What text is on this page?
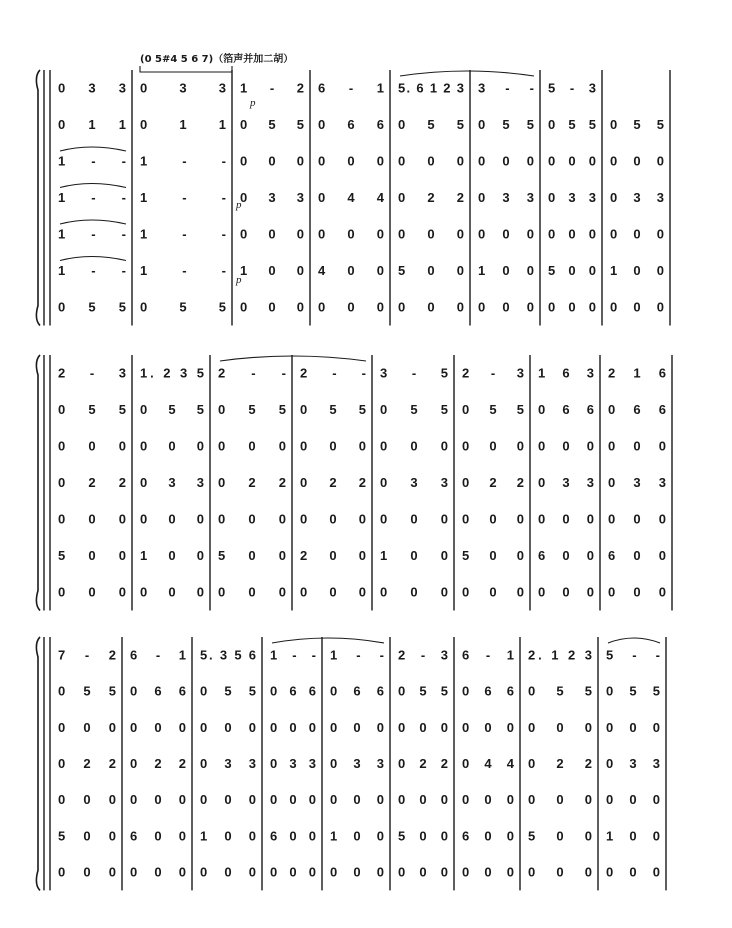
(0 5#4 5 6 7)（箔声并加二胡）
0 3 3 0 3 3 1 - 2 6 - 1 5. 6 1 2 3 3 - - 5 - 3
0 1 1 0 1 1 0 5 5 0 6 6 0 5 5 0 5 5 0 5 5 0 5 5
1 - - 1 - - 0 0 0 0 0 0 0 0 0 0 0 0 0 0 0 0 0 0
1 - - 1 - - 0 3 3 0 4 4 0 2 2 0 3 3 0 3 3 0 3 3
1 - - 1 - - 0 0 0 0 0 0 0 0 0 0 0 0 0 0 0 0 0 0
1 - - 1 - - 1 0 0 4 0 0 5 0 0 1 0 0 5 0 0 1 0 0
0 5 5 0 5 5 0 0 0 0 0 0 0 0 0 0 0 0 0 0 0 0 0 0
2 - 3 1. 2 3 5 2 - - 2 - - 3 - 5 2 - 3 1 6 3 2 1 6
0 5 5 0 5 5 0 5 5 0 5 5 0 5 5 0 5 5 0 6 6 0 6 6
0 0 0 0 0 0 0 0 0 0 0 0 0 0 0 0 0 0 0 0 0 0 0 0
0 2 2 0 3 3 0 2 2 0 2 2 0 3 3 0 2 2 0 3 3 0 3 3
0 0 0 0 0 0 0 0 0 0 0 0 0 0 0 0 0 0 0 0 0 0 0 0
5 0 0 1 0 0 5 0 0 2 0 0 1 0 0 5 0 0 6 0 0 6 0 0
0 0 0 0 0 0 0 0 0 0 0 0 0 0 0 0 0 0 0 0 0 0 0 0
7 - 2 6 - 1 5. 3 5 6 1 - - 1 - - 2 - 3 6 - 1 2. 1 2 3 5 - -
0 5 5 0 6 6 0 5 5 0 6 6 0 6 6 0 5 5 0 6 6 0 5 5 0 5 5
0 0 0 0 0 0 0 0 0 0 0 0 0 0 0 0 0 0 0 0 0 0 0 0 0 0 0
0 2 2 0 2 2 0 3 3 0 3 3 0 3 3 0 2 2 0 4 4 0 2 2 0 3 3
0 0 0 0 0 0 0 0 0 0 0 0 0 0 0 0 0 0 0 0 0 0 0 0 0 0 0
5 0 0 6 0 0 1 0 0 6 0 0 1 0 0 5 0 0 6 0 0 5 0 0 1 0 0
0 0 0 0 0 0 0 0 0 0 0 0 0 0 0 0 0 0 0 0 0 0 0 0 0 0 0
p
p
p
